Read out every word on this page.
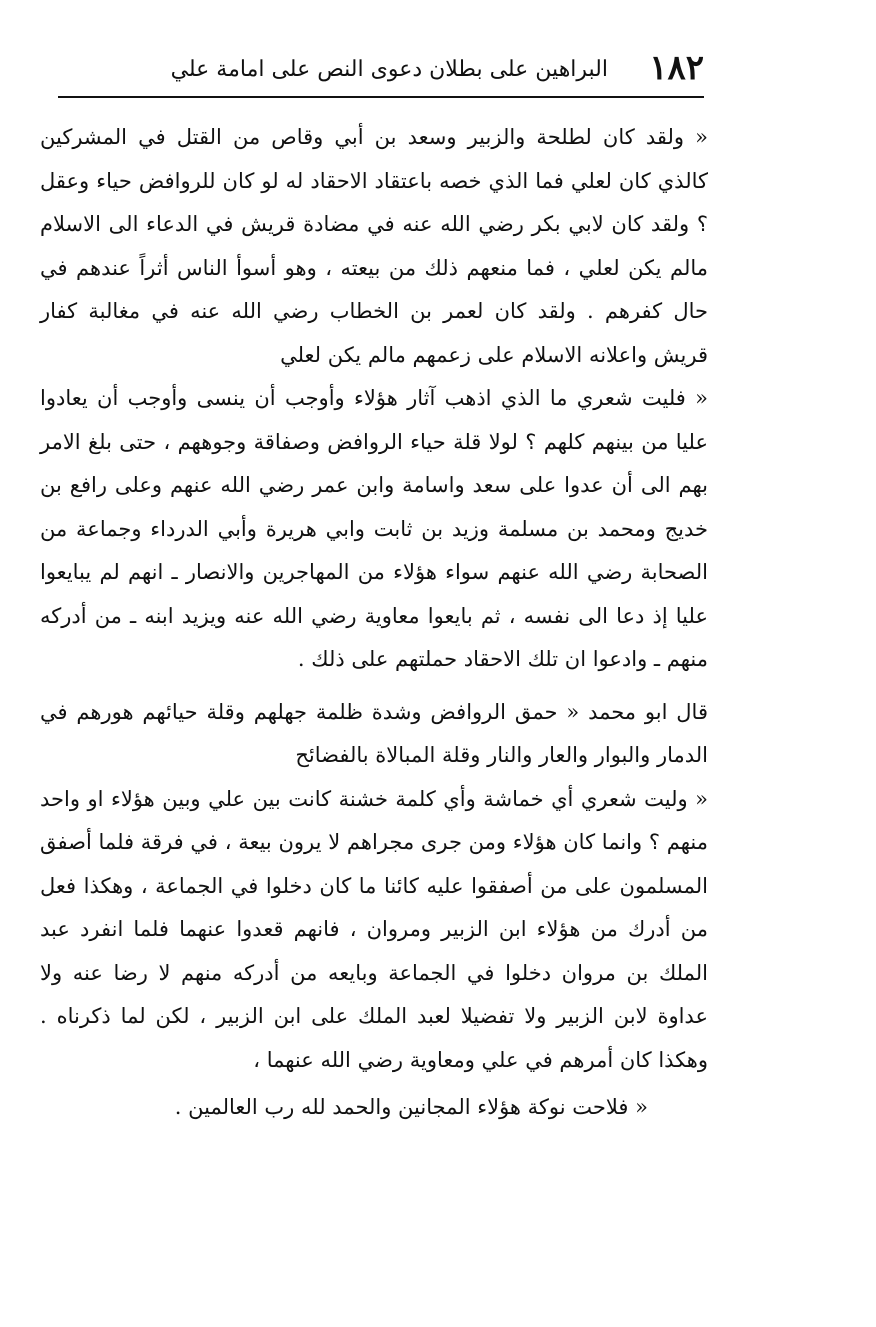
١٨٢
البراهين على بطلان دعوى النص على امامة علي

« ولقد كان لطلحة والزبير وسعد بن أبي وقاص من القتل في المشركين كالذي كان لعلي فما الذي خصه باعتقاد الاحقاد له لو كان للروافض حياء وعقل ؟ ولقد كان لابي بكر رضي الله عنه في مضادة قريش في الدعاء الى الاسلام مالم يكن لعلي ، فما منعهم ذلك من بيعته ، وهو أسوأ الناس أثراً عندهم في حال كفرهم . ولقد كان لعمر بن الخطاب رضي الله عنه في مغالبة كفار قريش واعلانه الاسلام على زعمهم مالم يكن لعلي

« فليت شعري ما الذي اذهب آثار هؤلاء وأوجب أن ينسى وأوجب أن يعادوا عليا من بينهم كلهم ؟ لولا قلة حياء الروافض وصفاقة وجوههم ، حتى بلغ الامر بهم الى أن عدوا على سعد واسامة وابن عمر رضي الله عنهم وعلى رافع بن خديج ومحمد بن مسلمة وزيد بن ثابت وابي هريرة وأبي الدرداء وجماعة من الصحابة رضي الله عنهم سواء هؤلاء من المهاجرين والانصار ـ انهم لم يبايعوا عليا إذ دعا الى نفسه ، ثم بايعوا معاوية رضي الله عنه ويزيد ابنه ـ من أدركه منهم ـ وادعوا ان تلك الاحقاد حملتهم على ذلك .

قال ابو محمد « حمق الروافض وشدة ظلمة جهلهم وقلة حيائهم هورهم في الدمار والبوار والعار والنار وقلة المبالاة بالفضائح

« وليت شعري أي خماشة وأي كلمة خشنة كانت بين علي وبين هؤلاء او واحد منهم ؟ وانما كان هؤلاء ومن جرى مجراهم لا يرون بيعة ، في فرقة فلما أصفق المسلمون على من أصفقوا عليه كائنا ما كان دخلوا في الجماعة ، وهكذا فعل من أدرك من هؤلاء ابن الزبير ومروان ، فانهم قعدوا عنهما فلما انفرد عبد الملك بن مروان دخلوا في الجماعة وبايعه من أدركه منهم لا رضا عنه ولا عداوة لابن الزبير ولا تفضيلا لعبد الملك على ابن الزبير ، لكن لما ذكرناه . وهكذا كان أمرهم في علي ومعاوية رضي الله عنهما ،

« فلاحت نوكة هؤلاء المجانين والحمد لله رب العالمين .
